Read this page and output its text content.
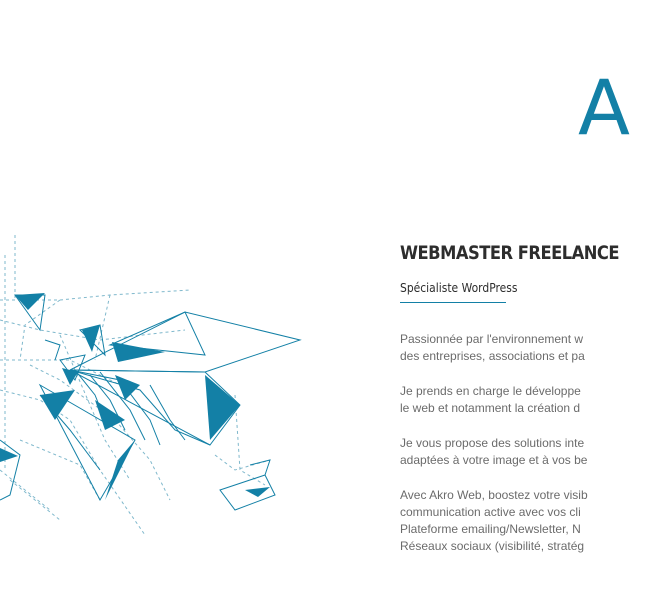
A
WEBMASTER FREELANCE
Spécialiste WordPress

Passionnée par l'environnement w
des entreprises, associations et pa

Je prends en charge le développe
le web et notamment la création d

Je vous propose des solutions inte
adaptées à votre image et à vos be

Avec Akro Web, boostez votre visib
communication active avec vos cli
Plateforme emailing/Newsletter, N
Réseaux sociaux (visibilité, stratég
